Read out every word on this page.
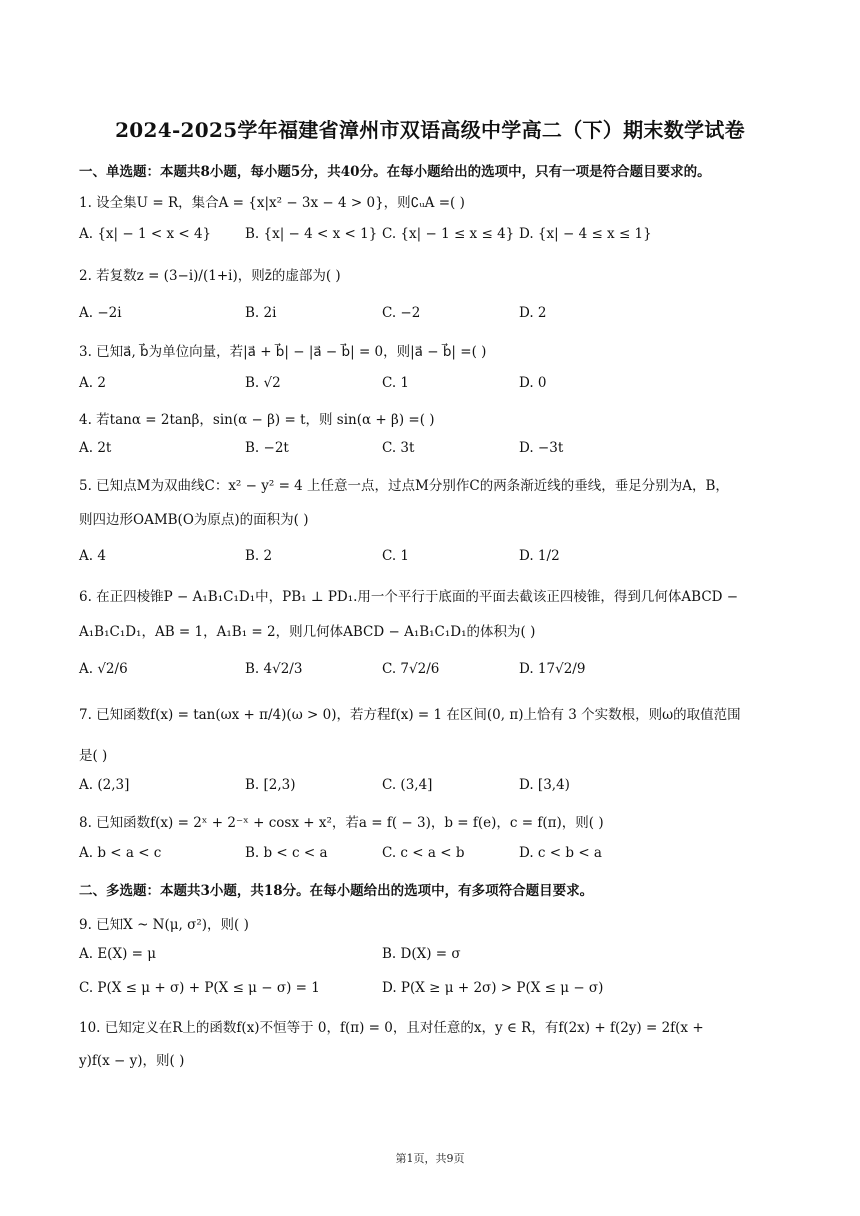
2024-2025学年福建省漳州市双语高级中学高二（下）期末数学试卷
一、单选题：本题共8小题，每小题5分，共40分。在每小题给出的选项中，只有一项是符合题目要求的。
1. 设全集U = R，集合A = {x|x² − 3x − 4 > 0}，则∁ᵤA =( )
A. {x| − 1 < x < 4}	B. {x| − 4 < x < 1} C. {x| − 1 ≤ x ≤ 4} D. {x| − 4 ≤ x ≤ 1}
2. 若复数z = (3−i)/(1+i)，则z̄的虚部为( )
A. −2i	B. 2i	C. −2	D. 2
3. 已知a⃗, b⃗为单位向量，若|a⃗ + b⃗| − |a⃗ − b⃗| = 0，则|a⃗ − b⃗| =( )
A. 2	B. √2	C. 1	D. 0
4. 若tanα = 2tanβ，sin(α − β) = t，则 sin(α + β) =( )
A. 2t	B. −2t	C. 3t	D. −3t
5. 已知点M为双曲线C：x² − y² = 4 上任意一点，过点M分别作C的两条渐近线的垂线，垂足分别为A，B，
则四边形OAMB(O为原点)的面积为( )
A. 4	B. 2	C. 1	D. 1/2
6. 在正四棱锥P − A₁B₁C₁D₁中，PB₁ ⊥ PD₁.用一个平行于底面的平面去截该正四棱锥，得到几何体ABCD −
A₁B₁C₁D₁，AB = 1，A₁B₁ = 2，则几何体ABCD − A₁B₁C₁D₁的体积为( )
A. √2/6	B. 4√2/3	C. 7√2/6	D. 17√2/9
7. 已知函数f(x) = tan(ωx + π/4)(ω > 0)，若方程f(x) = 1 在区间(0, π)上恰有 3 个实数根，则ω的取值范围
是( )
A. (2,3]	B. [2,3)	C. (3,4]	D. [3,4)
8. 已知函数f(x) = 2ˣ + 2⁻ˣ + cosx + x²，若a = f( − 3)，b = f(e)，c = f(π)，则( )
A. b < a < c	B. b < c < a	C. c < a < b	D. c < b < a
二、多选题：本题共3小题，共18分。在每小题给出的选项中，有多项符合题目要求。
9. 已知X ~ N(μ, σ²)，则( )
A. E(X) = μ	B. D(X) = σ
C. P(X ≤ μ + σ) + P(X ≤ μ − σ) = 1	D. P(X ≥ μ + 2σ) > P(X ≤ μ − σ)
10. 已知定义在R上的函数f(x)不恒等于 0，f(π) = 0，且对任意的x，y ∈ R，有f(2x) + f(2y) = 2f(x +
y)f(x − y)，则( )
第1页，共9页
